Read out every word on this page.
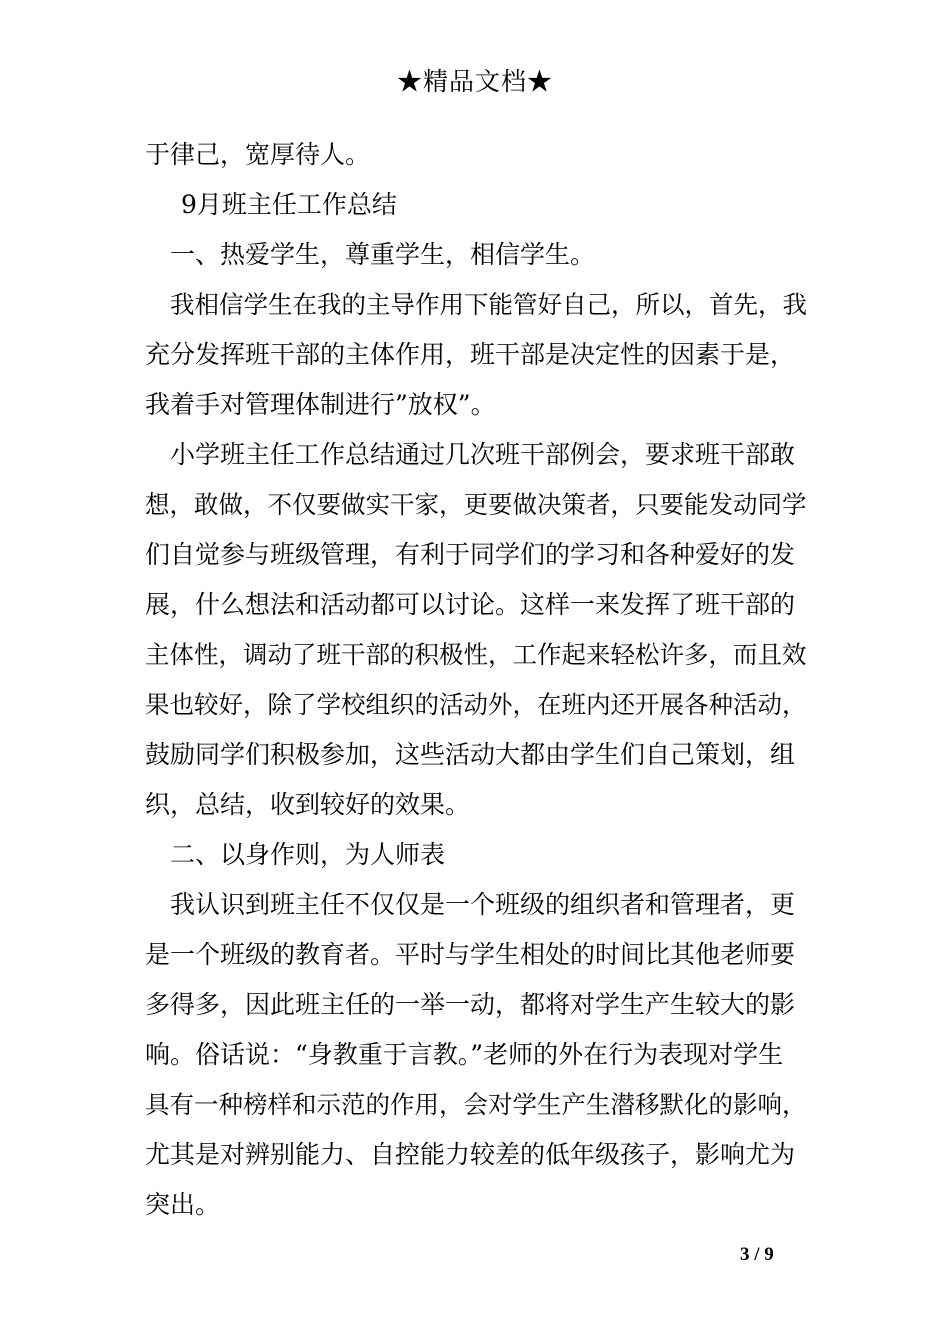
★精品文档★
于律己，宽厚待人。
9月班主任工作总结
一、热爱学生，尊重学生，相信学生。
我相信学生在我的主导作用下能管好自己，所以，首先，我
充分发挥班干部的主体作用，班干部是决定性的因素于是，
我着手对管理体制进行”放权”。
小学班主任工作总结通过几次班干部例会，要求班干部敢
想，敢做，不仅要做实干家，更要做决策者，只要能发动同学
们自觉参与班级管理，有利于同学们的学习和各种爱好的发
展，什么想法和活动都可以讨论。这样一来发挥了班干部的
主体性，调动了班干部的积极性，工作起来轻松许多，而且效
果也较好，除了学校组织的活动外，在班内还开展各种活动，
鼓励同学们积极参加，这些活动大都由学生们自己策划，组
织，总结，收到较好的效果。
二、以身作则，为人师表
我认识到班主任不仅仅是一个班级的组织者和管理者，更
是一个班级的教育者。平时与学生相处的时间比其他老师要
多得多，因此班主任的一举一动，都将对学生产生较大的影
响。俗话说：“身教重于言教。”老师的外在行为表现对学生
具有一种榜样和示范的作用，会对学生产生潜移默化的影响，
尤其是对辨别能力、自控能力较差的低年级孩子，影响尤为
突出。
3 / 9
